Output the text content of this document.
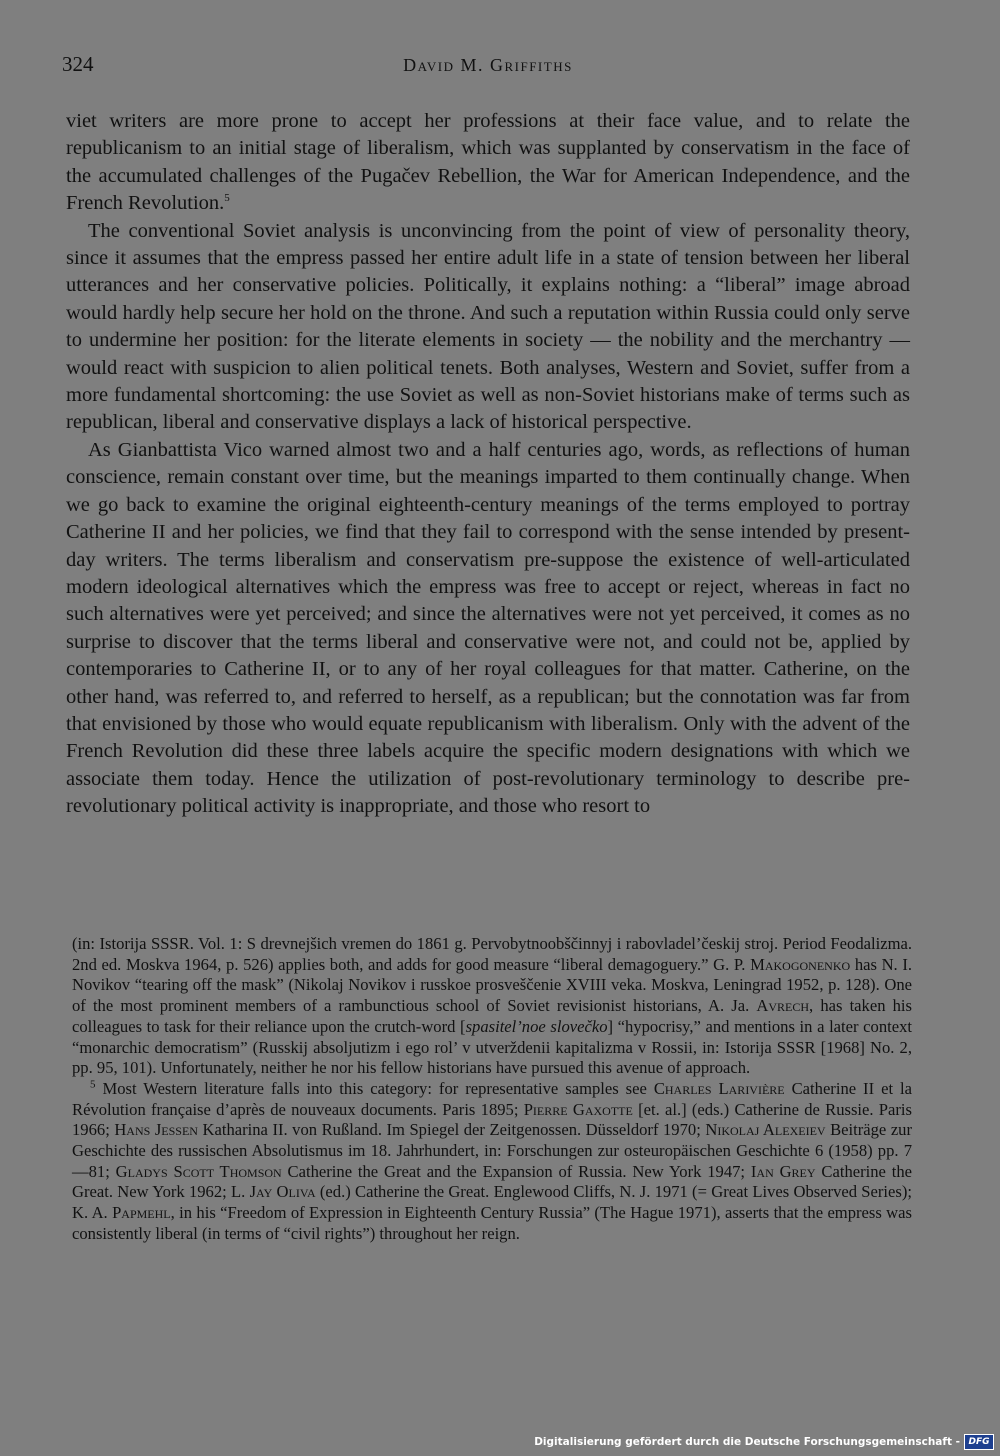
324	David M. Griffiths

viet writers are more prone to accept her professions at their face value, and to relate the republicanism to an initial stage of liberalism, which was supplanted by conservatism in the face of the accumulated challenges of the Pugačev Rebellion, the War for American Independence, and the French Revolution.$^5$

The conventional Soviet analysis is unconvincing from the point of view of personality theory, since it assumes that the empress passed her entire adult life in a state of tension between her liberal utterances and her conservative policies. Politically, it explains nothing: a “liberal” image abroad would hardly help secure her hold on the throne. And such a reputation within Russia could only serve to undermine her position: for the literate elements in society — the nobility and the merchantry — would react with suspicion to alien political tenets. Both analyses, Western and Soviet, suffer from a more fundamental shortcoming: the use Soviet as well as non-Soviet historians make of terms such as republican, liberal and conservative displays a lack of historical perspective.

As Gianbattista Vico warned almost two and a half centuries ago, words, as reflections of human conscience, remain constant over time, but the meanings imparted to them continually change. When we go back to examine the original eighteenth-century meanings of the terms employed to portray Catherine II and her policies, we find that they fail to correspond with the sense intended by present-day writers. The terms liberalism and conservatism pre-suppose the existence of well-articulated modern ideological alternatives which the empress was free to accept or reject, whereas in fact no such alternatives were yet perceived; and since the alternatives were not yet perceived, it comes as no surprise to discover that the terms liberal and conservative were not, and could not be, applied by contemporaries to Catherine II, or to any of her royal colleagues for that matter. Catherine, on the other hand, was referred to, and referred to herself, as a republican; but the connotation was far from that envisioned by those who would equate republicanism with liberalism. Only with the advent of the French Revolution did these three labels acquire the specific modern designations with which we associate them today. Hence the utilization of post-revolutionary terminology to describe pre-revolutionary political activity is inappropriate, and those who resort to

(in: Istorija SSSR. Vol. 1: S drevnejšich vremen do 1861 g. Pervobytnoobščinnyj i rabovladel’českij stroj. Period Feodalizma. 2nd ed. Moskva 1964, p. 526) applies both, and adds for good measure “liberal demagoguery.” G. P. Makogonenko has N. I. Novikov “tearing off the mask” (Nikolaj Novikov i russkoe prosveščenie XVIII veka. Moskva, Leningrad 1952, p. 128). One of the most prominent members of a rambunctious school of Soviet revisionist historians, A. Ja. Avrech, has taken his colleagues to task for their reliance upon the crutch-word [spasitel’noe slovečko] “hypocrisy,” and mentions in a later context “monarchic democratism” (Russkij absoljutizm i ego rol’ v utverždenii kapitalizma v Rossii, in: Istorija SSSR [1968] No. 2, pp. 95, 101). Unfortunately, neither he nor his fellow historians have pursued this avenue of approach.

$^5$ Most Western literature falls into this category: for representative samples see Charles Larivière Catherine II et la Révolution française d’après de nouveaux documents. Paris 1895; Pierre Gaxotte [et. al.] (eds.) Catherine de Russie. Paris 1966; Hans Jessen Katharina II. von Rußland. Im Spiegel der Zeitgenossen. Düsseldorf 1970; Nikolaj Alexeiev Beiträge zur Geschichte des russischen Absolutismus im 18. Jahrhundert, in: Forschungen zur osteuropäischen Geschichte 6 (1958) pp. 7—81; Gladys Scott Thomson Catherine the Great and the Expansion of Russia. New York 1947; Ian Grey Catherine the Great. New York 1962; L. Jay Oliva (ed.) Catherine the Great. Englewood Cliffs, N. J. 1971 (= Great Lives Observed Series); K. A. Papmehl, in his “Freedom of Expression in Eighteenth Century Russia” (The Hague 1971), asserts that the empress was consistently liberal (in terms of “civil rights”) throughout her reign.

Digitalisierung gefördert durch die Deutsche Forschungsgemeinschaft - DFG
